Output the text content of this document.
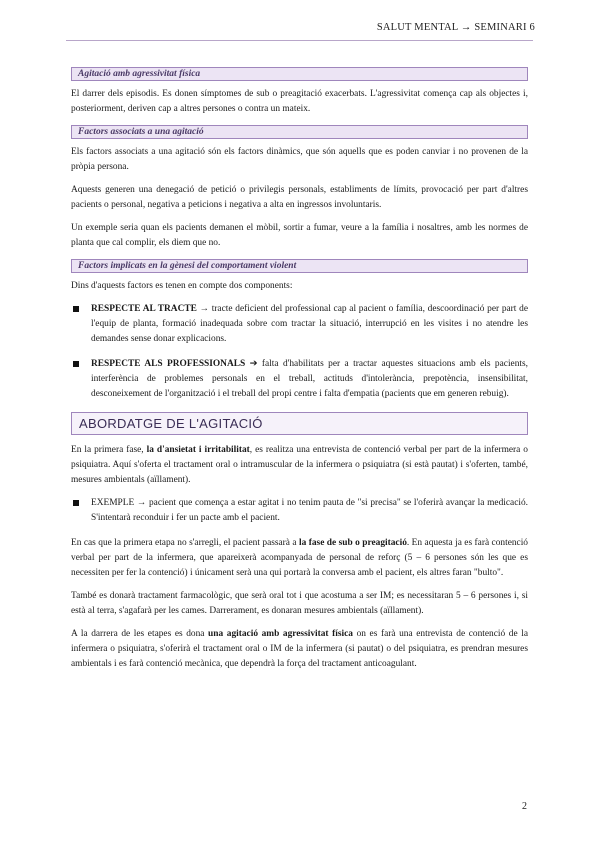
SALUT MENTAL → SEMINARI 6
Agitació amb agressivitat física

El darrer dels episodis. Es donen símptomes de sub o preagitació exacerbats. L'agressivitat comença cap als objectes i, posteriorment, deriven cap a altres persones o contra un mateix.

Factors associats a una agitació

Els factors associats a una agitació són els factors dinàmics, que són aquells que es poden canviar i no provenen de la pròpia persona.

Aquests generen una denegació de petició o privilegis personals, establiments de límits, provocació per part d'altres pacients o personal, negativa a peticions i negativa a alta en ingressos involuntaris.

Un exemple seria quan els pacients demanen el mòbil, sortir a fumar, veure a la família i nosaltres, amb les normes de planta que cal complir, els diem que no.

Factors implicats en la gènesi del comportament violent

Dins d'aquests factors es tenen en compte dos components:

RESPECTE AL TRACTE → tracte deficient del professional cap al pacient o família, descoordinació per part de l'equip de planta, formació inadequada sobre com tractar la situació, interrupció en les visites i no atendre les demandes sense donar explicacions.
RESPECTE ALS PROFESSIONALS ➔ falta d'habilitats per a tractar aquestes situacions amb els pacients, interferència de problemes personals en el treball, actituds d'intolerància, prepotència, insensibilitat, desconeixement de l'organització i el treball del propi centre i falta d'empatia (pacients que em generen rebuig).
ABORDATGE DE L'AGITACIÓ

En la primera fase, la d'ansietat i irritabilitat, es realitza una entrevista de contenció verbal per part de la infermera o psiquiatra. Aquí s'oferta el tractament oral o intramuscular de la infermera o psiquiatra (si està pautat) i s'oferten, també, mesures ambientals (aïllament).

EXEMPLE → pacient que comença a estar agitat i no tenim pauta de "si precisa" se l'oferirà avançar la medicació. S'intentarà reconduir i fer un pacte amb el pacient.

En cas que la primera etapa no s'arregli, el pacient passarà a la fase de sub o preagitació. En aquesta ja es farà contenció verbal per part de la infermera, que apareixerà acompanyada de personal de reforç (5 – 6 persones són les que es necessiten per fer la contenció) i únicament serà una qui portarà la conversa amb el pacient, els altres faran "bulto".

També es donarà tractament farmacològic, que serà oral tot i que acostuma a ser IM; es necessitaran 5 – 6 persones i, si està al terra, s'agafarà per les cames. Darrerament, es donaran mesures ambientals (aïllament).

A la darrera de les etapes es dona una agitació amb agressivitat física on es farà una entrevista de contenció de la infermera o psiquiatra, s'oferirà el tractament oral o IM de la infermera (si pautat) o del psiquiatra, es prendran mesures ambientals i es farà contenció mecànica, que dependrà la força del tractament anticoagulant.

2
